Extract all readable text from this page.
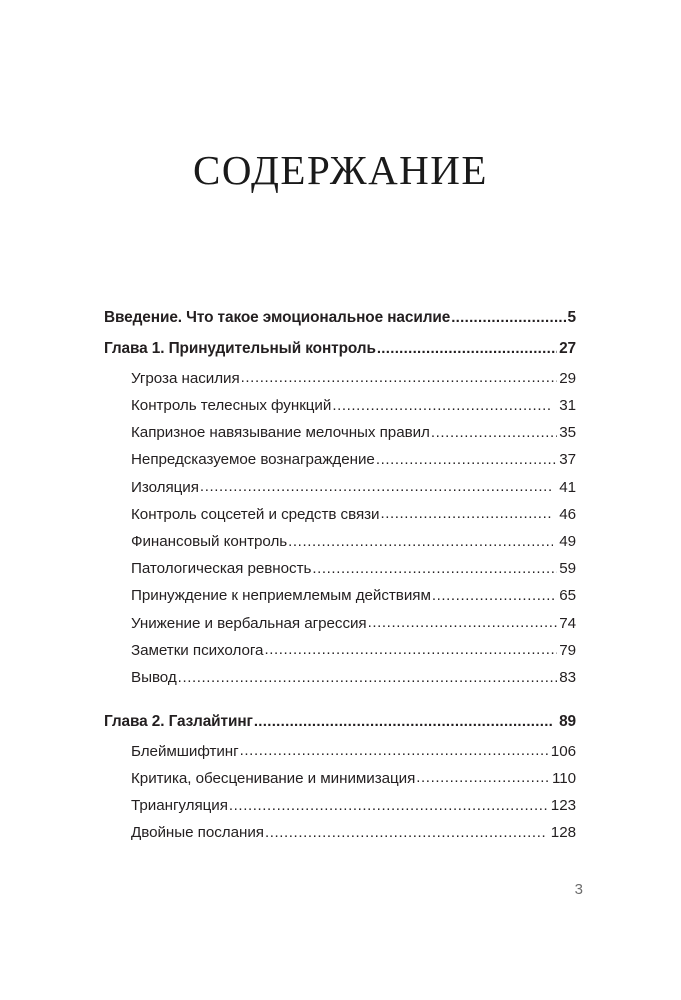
СОДЕРЖАНИЕ
Введение. Что такое эмоциональное насилие .....	5
Глава 1. Принудительный контроль .....	27
Угроза насилия .....	29
Контроль телесных функций .....	31
Капризное навязывание мелочных правил .....	35
Непредсказуемое вознаграждение .....	37
Изоляция .....	41
Контроль соцсетей и средств связи .....	46
Финансовый контроль .....	49
Патологическая ревность .....	59
Принуждение к неприемлемым действиям .....	65
Унижение и вербальная агрессия .....	74
Заметки психолога .....	79
Вывод .....	83
Глава 2. Газлайтинг .....	89
Блеймшифтинг .....	106
Критика, обесценивание и минимизация .....	110
Триангуляция .....	123
Двойные послания .....	128
3
